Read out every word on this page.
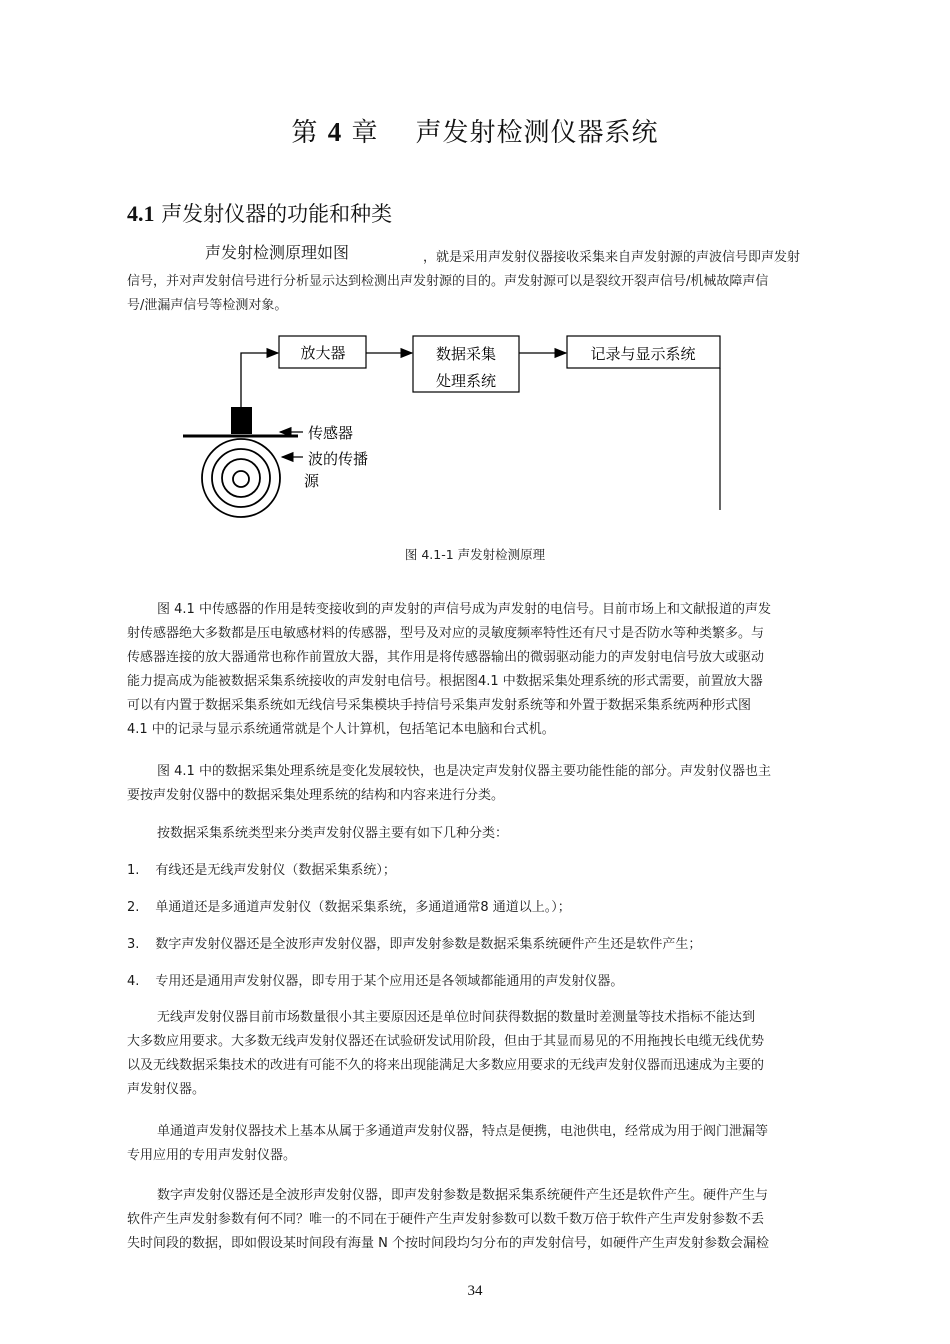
第 4 章 声发射检测仪器系统
4.1 声发射仪器的功能和种类
声发射检测原理如图	，就是采用声发射仪器接收采集来自声发射源的声波信号即声发射
信号，并对声发射信号进行分析显示达到检测出声发射源的目的。声发射源可以是裂纹开裂声信号/机械故障声信
号/泄漏声信号等检测对象。
放大器	数据采集
处理系统
记录与显示系统
传感器
波的传播
源
图 4.1-1 声发射检测原理
图 4.1 中传感器的作用是转变接收到的声发射的声信号成为声发射的电信号。目前市场上和文献报道的声发
射传感器绝大多数都是压电敏感材料的传感器，型号及对应的灵敏度频率特性还有尺寸是否防水等种类繁多。与
传感器连接的放大器通常也称作前置放大器，其作用是将传感器输出的微弱驱动能力的声发射电信号放大或驱动
能力提高成为能被数据采集系统接收的声发射电信号。根据图4.1 中数据采集处理系统的形式需要，前置放大器
可以有内置于数据采集系统如无线信号采集模块手持信号采集声发射系统等和外置于数据采集系统两种形式图
4.1 中的记录与显示系统通常就是个人计算机，包括笔记本电脑和台式机。
图 4.1 中的数据采集处理系统是变化发展较快，也是决定声发射仪器主要功能性能的部分。声发射仪器也主
要按声发射仪器中的数据采集处理系统的结构和内容来进行分类。
按数据采集系统类型来分类声发射仪器主要有如下几种分类：
1. 有线还是无线声发射仪（数据采集系统）；
2. 单通道还是多通道声发射仪（数据采集系统，多通道通常8 通道以上。）；
3. 数字声发射仪器还是全波形声发射仪器，即声发射参数是数据采集系统硬件产生还是软件产生；
4. 专用还是通用声发射仪器，即专用于某个应用还是各领域都能通用的声发射仪器。
无线声发射仪器目前市场数量很小其主要原因还是单位时间获得数据的数量时差测量等技术指标不能达到
大多数应用要求。大多数无线声发射仪器还在试验研发试用阶段，但由于其显而易见的不用拖拽长电缆无线优势
以及无线数据采集技术的改进有可能不久的将来出现能满足大多数应用要求的无线声发射仪器而迅速成为主要的
声发射仪器。
单通道声发射仪器技术上基本从属于多通道声发射仪器，特点是便携，电池供电，经常成为用于阀门泄漏等
专用应用的专用声发射仪器。
数字声发射仪器还是全波形声发射仪器，即声发射参数是数据采集系统硬件产生还是软件产生。硬件产生与
软件产生声发射参数有何不同？唯一的不同在于硬件产生声发射参数可以数千数万倍于软件产生声发射参数不丢
失时间段的数据，即如假设某时间段有海量 N 个按时间段均匀分布的声发射信号，如硬件产生声发射参数会漏检
34
